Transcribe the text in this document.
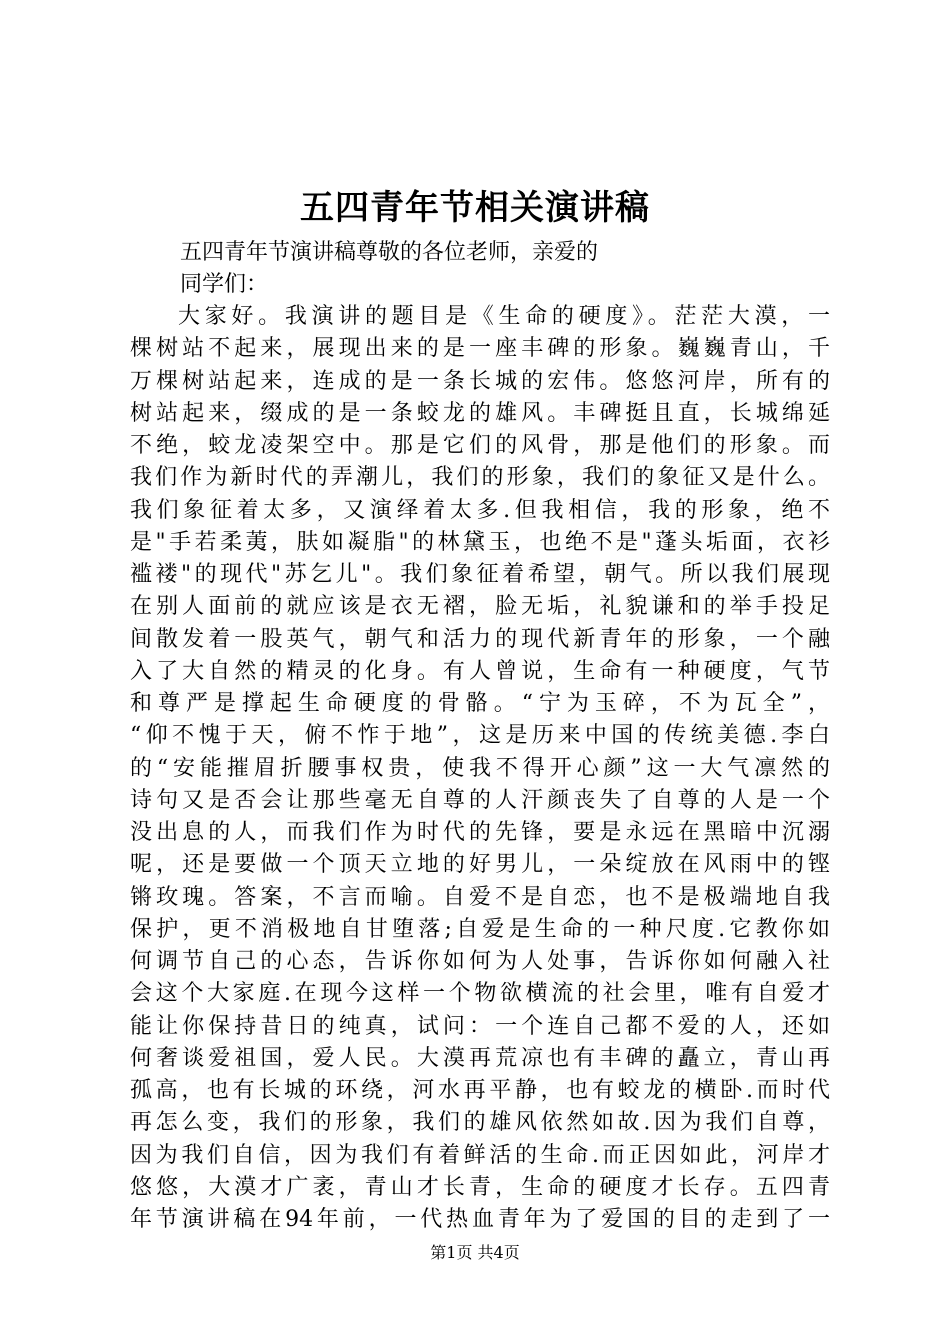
五四青年节相关演讲稿

五四青年节演讲稿尊敬的各位老师，亲爱的
同学们：

大家好。我演讲的题目是《生命的硬度》。茫茫大漠，一
棵树站不起来，展现出来的是一座丰碑的形象。巍巍青山，千
万棵树站起来，连成的是一条长城的宏伟。悠悠河岸，所有的
树站起来，缀成的是一条蛟龙的雄风。丰碑挺且直，长城绵延
不绝，蛟龙凌架空中。那是它们的风骨，那是他们的形象。而
我们作为新时代的弄潮儿，我们的形象，我们的象征又是什么。
我们象征着太多，又演绎着太多.但我相信，我的形象，绝不
是"手若柔荑，肤如凝脂"的林黛玉，也绝不是"蓬头垢面，衣衫
褴褛"的现代"苏乞儿"。我们象征着希望，朝气。所以我们展现
在别人面前的就应该是衣无褶，脸无垢，礼貌谦和的举手投足
间散发着一股英气，朝气和活力的现代新青年的形象，一个融
入了大自然的精灵的化身。有人曾说，生命有一种硬度，气节
和尊严是撑起生命硬度的骨骼。“宁为玉碎，不为瓦全”，
“仰不愧于天，俯不怍于地”，这是历来中国的传统美德.李白
的“安能摧眉折腰事权贵，使我不得开心颜”这一大气凛然的
诗句又是否会让那些毫无自尊的人汗颜丧失了自尊的人是一个
没出息的人，而我们作为时代的先锋，要是永远在黑暗中沉溺
呢，还是要做一个顶天立地的好男儿，一朵绽放在风雨中的铿
锵玫瑰。答案，不言而喻。自爱不是自恋，也不是极端地自我
保护，更不消极地自甘堕落;自爱是生命的一种尺度.它教你如
何调节自己的心态，告诉你如何为人处事，告诉你如何融入社
会这个大家庭.在现今这样一个物欲横流的社会里，唯有自爱才
能让你保持昔日的纯真，试问：一个连自己都不爱的人，还如
何奢谈爱祖国，爱人民。大漠再荒凉也有丰碑的矗立，青山再
孤高，也有长城的环绕，河水再平静，也有蛟龙的横卧.而时代
再怎么变，我们的形象，我们的雄风依然如故.因为我们自尊，
因为我们自信，因为我们有着鲜活的生命.而正因如此，河岸才
悠悠，大漠才广袤，青山才长青，生命的硬度才长存。五四青
年节演讲稿在94年前，一代热血青年为了爱国的目的走到了一

第1页 共4页
